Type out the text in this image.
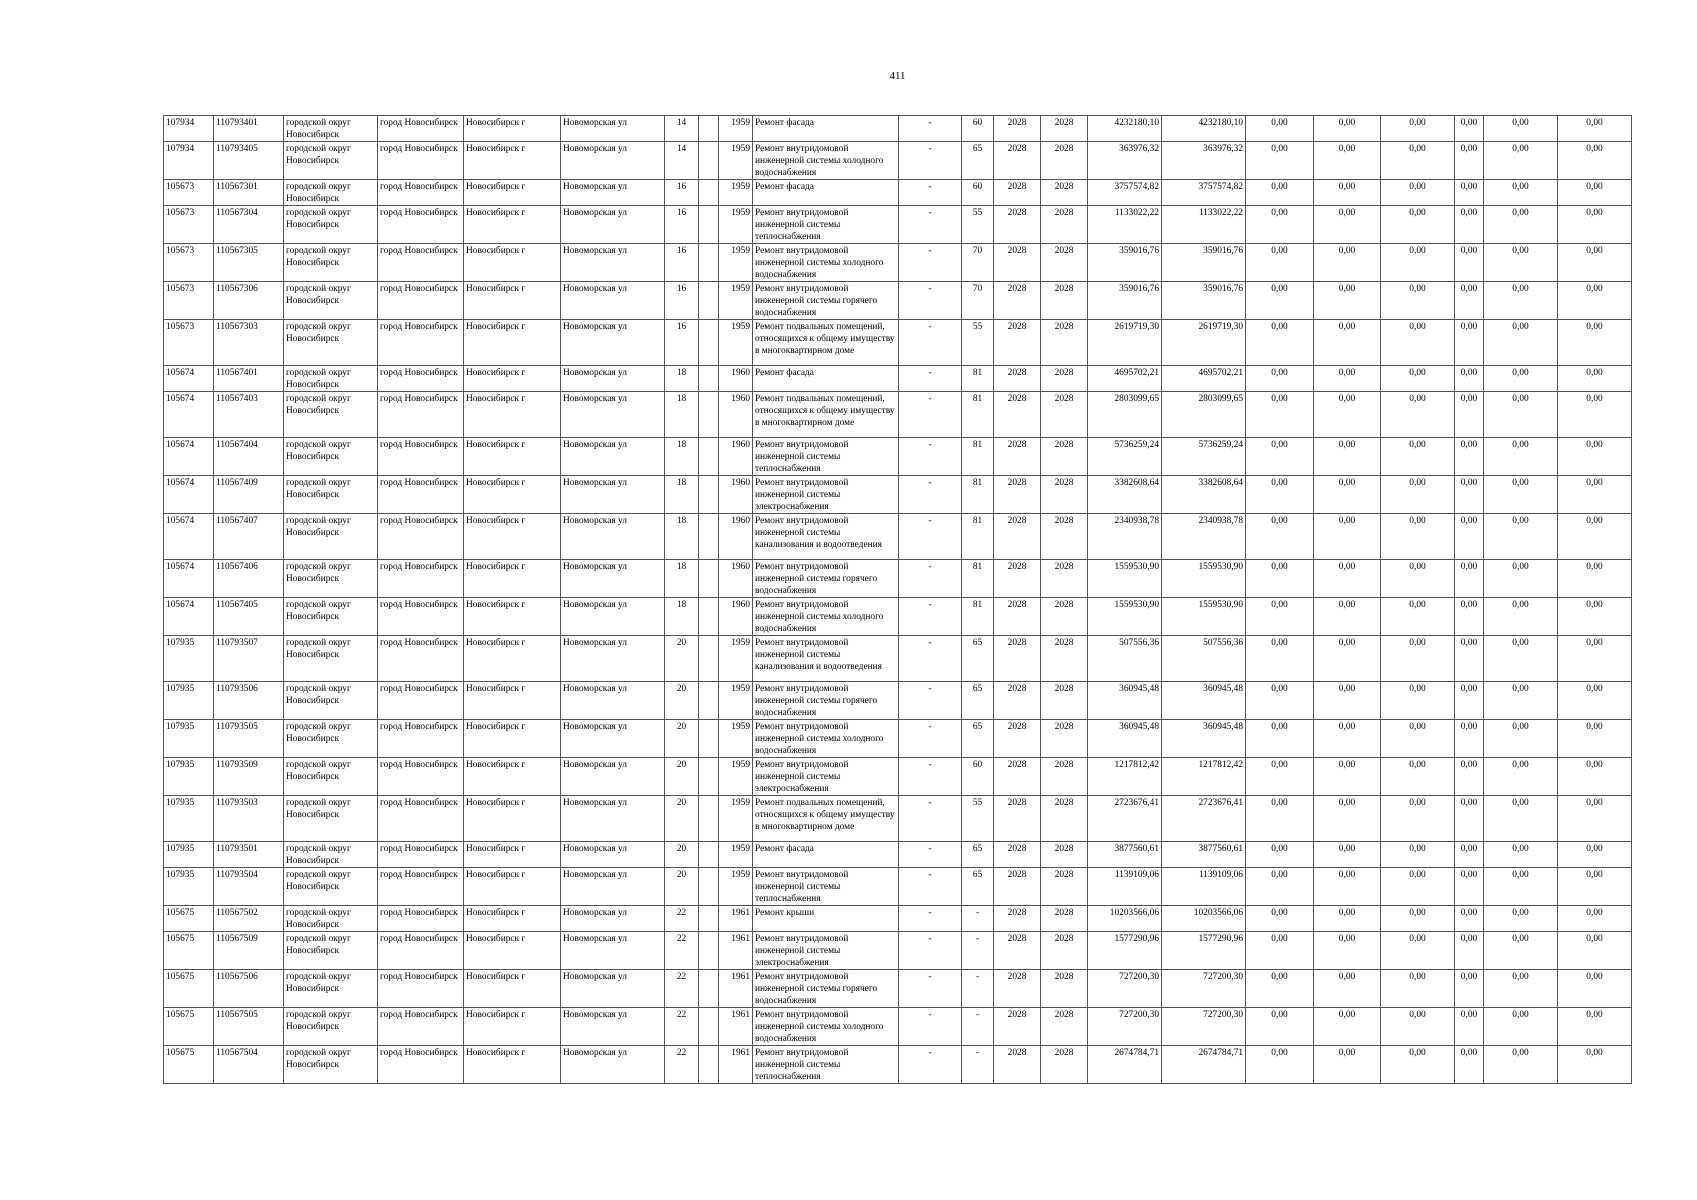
411
107934	110793401	городской округ Новосибирск	город Новосибирск	Новосибирск г	Новоморская ул	14		1959	Ремонт фасада	-	60	2028	2028	4232180,10	4232180,10	0,00	0,00	0,00	0,00	0,00	0,00
107934	110793405	городской округ Новосибирск	город Новосибирск	Новосибирск г	Новоморская ул	14		1959	Ремонт внутридомовой инженерной системы холодного водоснабжения	-	65	2028	2028	363976,32	363976,32	0,00	0,00	0,00	0,00	0,00	0,00
105673	110567301	городской округ Новосибирск	город Новосибирск	Новосибирск г	Новоморская ул	16		1959	Ремонт фасада	-	60	2028	2028	3757574,82	3757574,82	0,00	0,00	0,00	0,00	0,00	0,00
105673	110567304	городской округ Новосибирск	город Новосибирск	Новосибирск г	Новоморская ул	16		1959	Ремонт внутридомовой инженерной системы теплоснабжения	-	55	2028	2028	1133022,22	1133022,22	0,00	0,00	0,00	0,00	0,00	0,00
105673	110567305	городской округ Новосибирск	город Новосибирск	Новосибирск г	Новоморская ул	16		1959	Ремонт внутридомовой инженерной системы холодного водоснабжения	-	70	2028	2028	359016,76	359016,76	0,00	0,00	0,00	0,00	0,00	0,00
105673	110567306	городской округ Новосибирск	город Новосибирск	Новосибирск г	Новоморская ул	16		1959	Ремонт внутридомовой инженерной системы горячего водоснабжения	-	70	2028	2028	359016,76	359016,76	0,00	0,00	0,00	0,00	0,00	0,00
105673	110567303	городской округ Новосибирск	город Новосибирск	Новосибирск г	Новоморская ул	16		1959	Ремонт подвальных помещений, относящихся к общему имуществу в многоквартирном доме	-	55	2028	2028	2619719,30	2619719,30	0,00	0,00	0,00	0,00	0,00	0,00
105674	110567401	городской округ Новосибирск	город Новосибирск	Новосибирск г	Новоморская ул	18		1960	Ремонт фасада	-	81	2028	2028	4695702,21	4695702,21	0,00	0,00	0,00	0,00	0,00	0,00
105674	110567403	городской округ Новосибирск	город Новосибирск	Новосибирск г	Новоморская ул	18		1960	Ремонт подвальных помещений, относящихся к общему имуществу в многоквартирном доме	-	81	2028	2028	2803099,65	2803099,65	0,00	0,00	0,00	0,00	0,00	0,00
105674	110567404	городской округ Новосибирск	город Новосибирск	Новосибирск г	Новоморская ул	18		1960	Ремонт внутридомовой инженерной системы теплоснабжения	-	81	2028	2028	5736259,24	5736259,24	0,00	0,00	0,00	0,00	0,00	0,00
105674	110567409	городской округ Новосибирск	город Новосибирск	Новосибирск г	Новоморская ул	18		1960	Ремонт внутридомовой инженерной системы электроснабжения	-	81	2028	2028	3382608,64	3382608,64	0,00	0,00	0,00	0,00	0,00	0,00
105674	110567407	городской округ Новосибирск	город Новосибирск	Новосибирск г	Новоморская ул	18		1960	Ремонт внутридомовой инженерной системы канализования и водоотведения	-	81	2028	2028	2340938,78	2340938,78	0,00	0,00	0,00	0,00	0,00	0,00
105674	110567406	городской округ Новосибирск	город Новосибирск	Новосибирск г	Новоморская ул	18		1960	Ремонт внутридомовой инженерной системы горячего водоснабжения	-	81	2028	2028	1559530,90	1559530,90	0,00	0,00	0,00	0,00	0,00	0,00
105674	110567405	городской округ Новосибирск	город Новосибирск	Новосибирск г	Новоморская ул	18		1960	Ремонт внутридомовой инженерной системы холодного водоснабжения	-	81	2028	2028	1559530,90	1559530,90	0,00	0,00	0,00	0,00	0,00	0,00
107935	110793507	городской округ Новосибирск	город Новосибирск	Новосибирск г	Новоморская ул	20		1959	Ремонт внутридомовой инженерной системы канализования и водоотведения	-	65	2028	2028	507556,36	507556,36	0,00	0,00	0,00	0,00	0,00	0,00
107935	110793506	городской округ Новосибирск	город Новосибирск	Новосибирск г	Новоморская ул	20		1959	Ремонт внутридомовой инженерной системы горячего водоснабжения	-	65	2028	2028	360945,48	360945,48	0,00	0,00	0,00	0,00	0,00	0,00
107935	110793505	городской округ Новосибирск	город Новосибирск	Новосибирск г	Новоморская ул	20		1959	Ремонт внутридомовой инженерной системы холодного водоснабжения	-	65	2028	2028	360945,48	360945,48	0,00	0,00	0,00	0,00	0,00	0,00
107935	110793509	городской округ Новосибирск	город Новосибирск	Новосибирск г	Новоморская ул	20		1959	Ремонт внутридомовой инженерной системы электроснабжения	-	60	2028	2028	1217812,42	1217812,42	0,00	0,00	0,00	0,00	0,00	0,00
107935	110793503	городской округ Новосибирск	город Новосибирск	Новосибирск г	Новоморская ул	20		1959	Ремонт подвальных помещений, относящихся к общему имуществу в многоквартирном доме	-	55	2028	2028	2723676,41	2723676,41	0,00	0,00	0,00	0,00	0,00	0,00
107935	110793501	городской округ Новосибирск	город Новосибирск	Новосибирск г	Новоморская ул	20		1959	Ремонт фасада	-	65	2028	2028	3877560,61	3877560,61	0,00	0,00	0,00	0,00	0,00	0,00
107935	110793504	городской округ Новосибирск	город Новосибирск	Новосибирск г	Новоморская ул	20		1959	Ремонт внутридомовой инженерной системы теплоснабжения	-	65	2028	2028	1139109,06	1139109,06	0,00	0,00	0,00	0,00	0,00	0,00
105675	110567502	городской округ Новосибирск	город Новосибирск	Новосибирск г	Новоморская ул	22		1961	Ремонт крыши	-	-	2028	2028	10203566,06	10203566,06	0,00	0,00	0,00	0,00	0,00	0,00
105675	110567509	городской округ Новосибирск	город Новосибирск	Новосибирск г	Новоморская ул	22		1961	Ремонт внутридомовой инженерной системы электроснабжения	-	-	2028	2028	1577290,96	1577290,96	0,00	0,00	0,00	0,00	0,00	0,00
105675	110567506	городской округ Новосибирск	город Новосибирск	Новосибирск г	Новоморская ул	22		1961	Ремонт внутридомовой инженерной системы горячего водоснабжения	-	-	2028	2028	727200,30	727200,30	0,00	0,00	0,00	0,00	0,00	0,00
105675	110567505	городской округ Новосибирск	город Новосибирск	Новосибирск г	Новоморская ул	22		1961	Ремонт внутридомовой инженерной системы холодного водоснабжения	-	-	2028	2028	727200,30	727200,30	0,00	0,00	0,00	0,00	0,00	0,00
105675	110567504	городской округ Новосибирск	город Новосибирск	Новосибирск г	Новоморская ул	22		1961	Ремонт внутридомовой инженерной системы теплоснабжения	-	-	2028	2028	2674784,71	2674784,71	0,00	0,00	0,00	0,00	0,00	0,00
